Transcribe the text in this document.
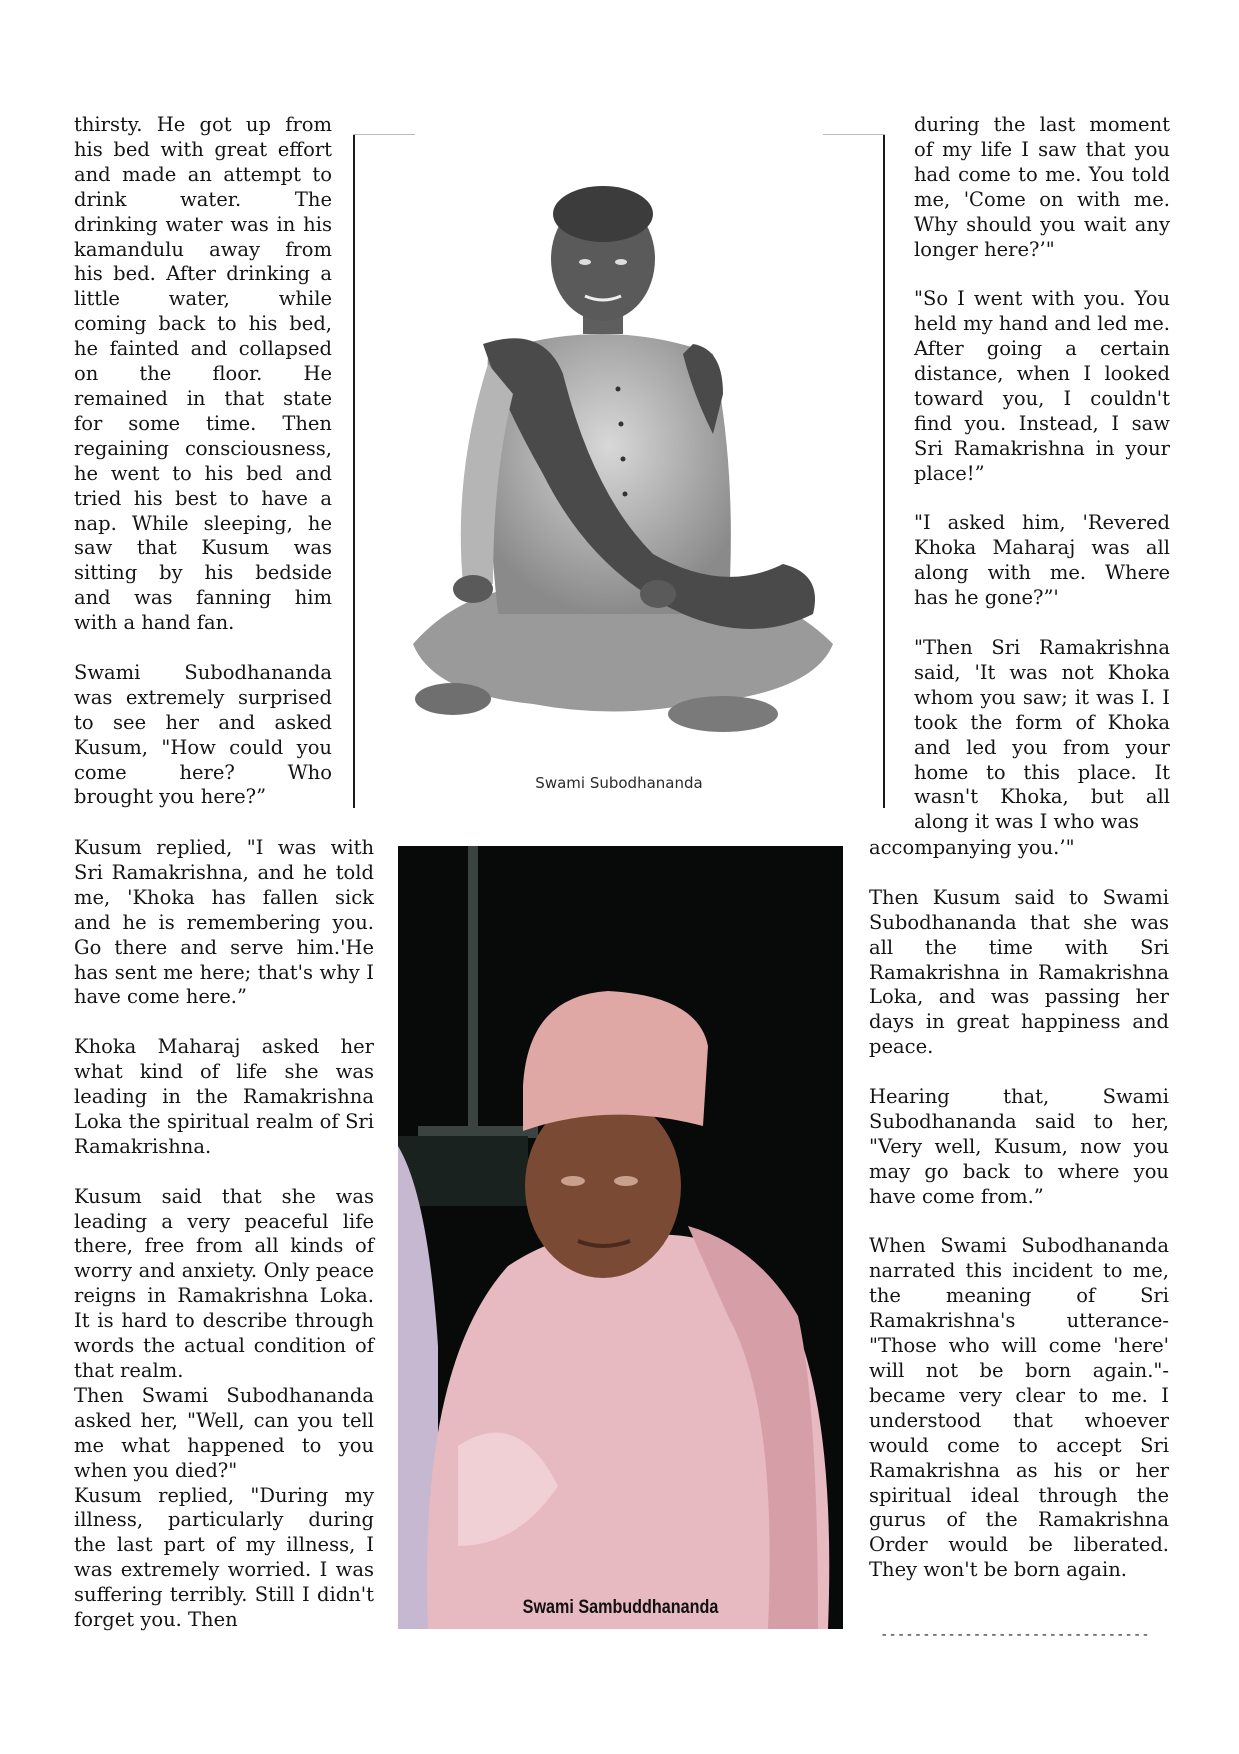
thirsty. He got up from
his bed with great effort
and made an attempt to
drink water. The
drinking water was in his
kamandulu away from
his bed. After drinking a
little water, while
coming back to his bed,
he fainted and collapsed
on the floor. He
remained in that state
for some time. Then
regaining consciousness,
he went to his bed and
tried his best to have a
nap. While sleeping, he
saw that Kusum was
sitting by his bedside
and was fanning him
with a hand fan.

Swami Subodhananda
was extremely surprised
to see her and asked
Kusum, "How could you
come here? Who
brought you here?”

Kusum replied, "I was with Sri Ramakrishna, and he told me, 'Khoka has fallen sick and he is remembering you. Go there and serve him.'He has sent me here; that's why I have come here.”

Khoka Maharaj asked her what kind of life she was leading in the Ramakrishna Loka the spiritual realm of Sri Ramakrishna.

Kusum said that she was leading a very peaceful life there, free from all kinds of worry and anxiety. Only peace reigns in Ramakrishna Loka. It is hard to describe through words the actual condition of that realm.

Then Swami Subodhananda asked her, "Well, can you tell me what happened to you when you died?"

Kusum replied, "During my illness, particularly during the last part of my illness, I was extremely worried. I was suffering terribly. Still I didn't forget you. Then

Swami Subodhananda

during the last moment of my life I saw that you had come to me. You told me, 'Come on with me. Why should you wait any longer here?’"

"So I went with you. You held my hand and led me. After going a certain distance, when I looked toward you, I couldn't find you. Instead, I saw Sri Ramakrishna in your place!”

"I asked him, 'Revered Khoka Maharaj was all along with me. Where has he gone?”'

"Then Sri Ramakrishna said, 'It was not Khoka whom you saw; it was I. I took the form of Khoka and led you from your home to this place. It wasn't Khoka, but all along it was I who was

accompanying you.’"

Then Kusum said to Swami Subodhananda that she was all the time with Sri Ramakrishna in Ramakrishna Loka, and was passing her days in great happiness and peace.

Hearing that, Swami Subodhananda said to her, "Very well, Kusum, now you may go back to where you have come from.”

When Swami Subodhananda narrated this incident to me, the meaning of Sri Ramakrishna's utterance-"Those who will come 'here' will not be born again."- became very clear to me. I understood that whoever would come to accept Sri Ramakrishna as his or her spiritual ideal through the gurus of the Ramakrishna Order would be liberated. They won't be born again.

--------------------------------
Swami Sambuddhananda
